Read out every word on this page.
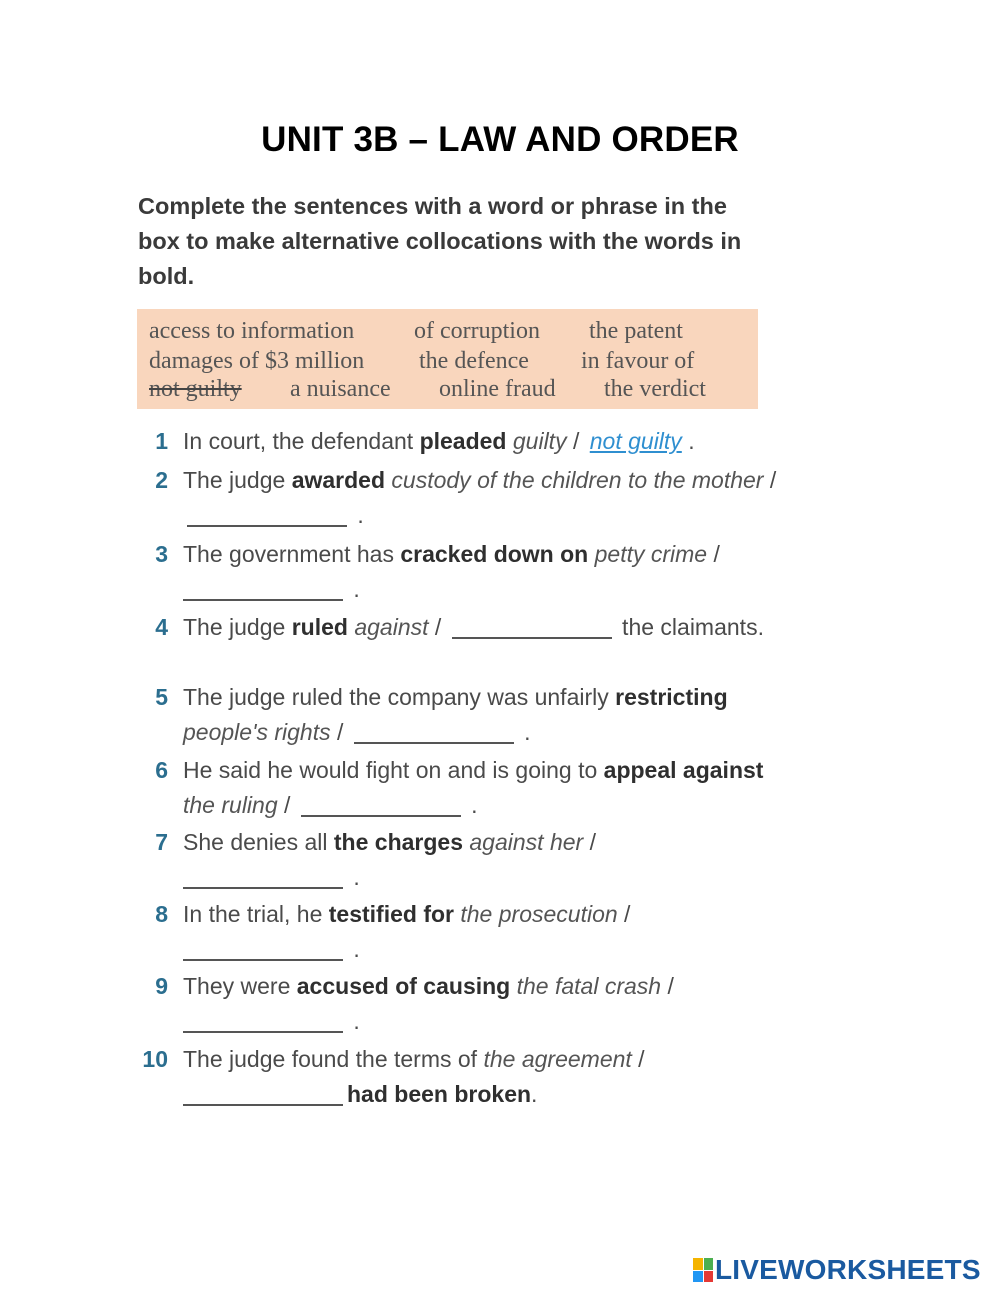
UNIT 3B – LAW AND ORDER
Complete the sentences with a word or phrase in the box to make alternative collocations with the words in bold.
access to information of corruption the patent
damages of $3 million the defence in favour of
not guilty a nuisance online fraud the verdict
1 In court, the defendant pleaded guilty / not guilty .
2 The judge awarded custody of the children to the mother /  .
3 The government has cracked down on petty crime /
.
4 The judge ruled against /	the claimants.
5 The judge ruled the company was unfairly restricting people's rights /	.
6 He said he would fight on and is going to appeal against the ruling /	.
7 She denies all the charges against her /
.
8 In the trial, he testified for the prosecution /
.
9 They were accused of causing the fatal crash /
.
10 The judge found the terms of the agreement /
had been broken.
LIVEWORKSHEETS
